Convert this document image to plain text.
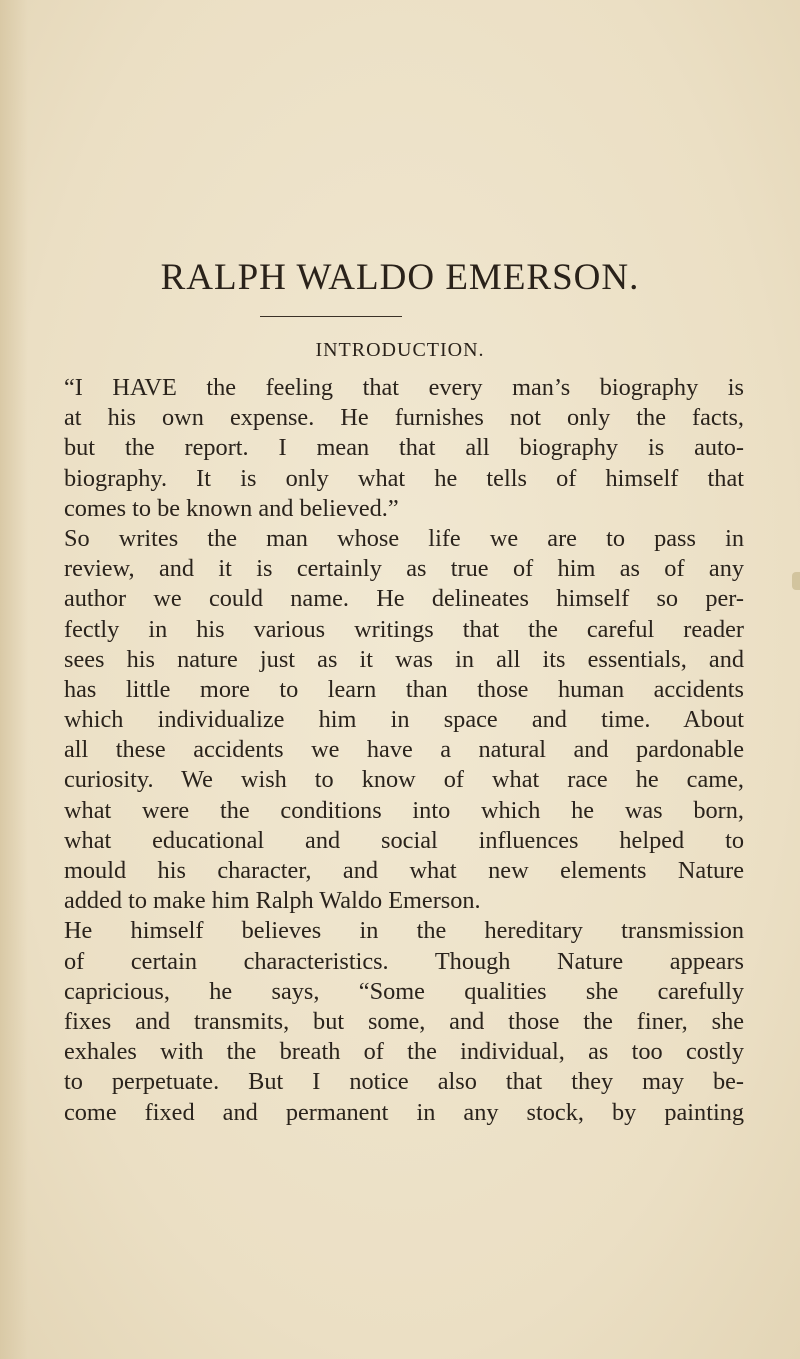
RALPH WALDO EMERSON.
INTRODUCTION.
“I HAVE the feeling that every man’s biography is
at his own expense. He furnishes not only the facts,
but the report. I mean that all biography is auto-
biography. It is only what he tells of himself that
comes to be known and believed.”
So writes the man whose life we are to pass in
review, and it is certainly as true of him as of any
author we could name. He delineates himself so per-
fectly in his various writings that the careful reader
sees his nature just as it was in all its essentials, and
has little more to learn than those human accidents
which individualize him in space and time. About
all these accidents we have a natural and pardonable
curiosity. We wish to know of what race he came,
what were the conditions into which he was born,
what educational and social influences helped to
mould his character, and what new elements Nature
added to make him Ralph Waldo Emerson.
He himself believes in the hereditary transmission
of certain characteristics. Though Nature appears
capricious, he says, “Some qualities she carefully
fixes and transmits, but some, and those the finer, she
exhales with the breath of the individual, as too costly
to perpetuate. But I notice also that they may be-
come fixed and permanent in any stock, by painting
